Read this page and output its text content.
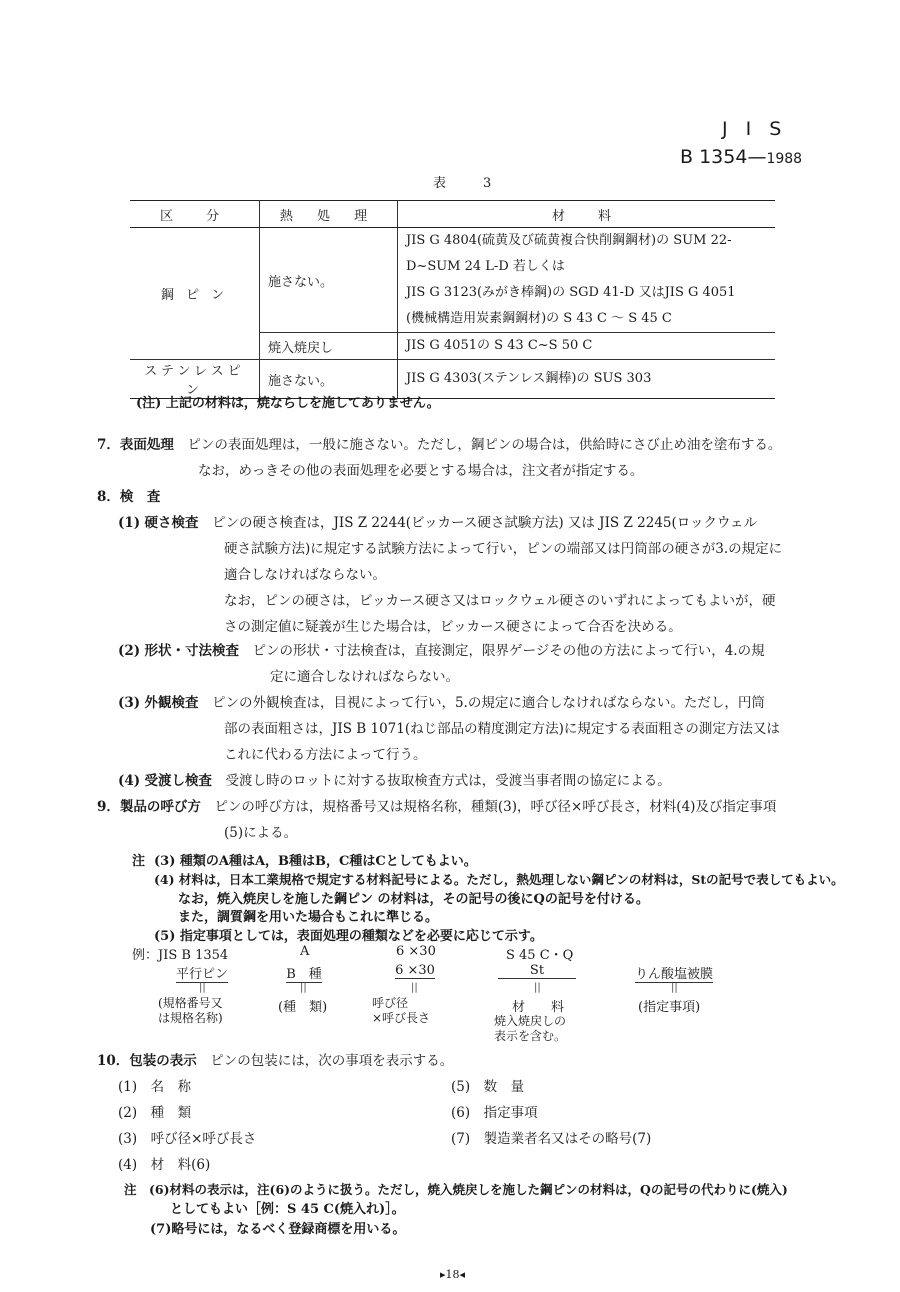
J I S
B 1354—1988
表　3
区　分	熱 処 理	材　料
鋼 ピ ン	施さない。	JIS G 4804(硫黄及び硫黄複合快削鋼鋼材)の SUM 22-
D~SUM 24 L-D 若しくは
JIS G 3123(みがき棒鋼)の SGD 41-D 又はJIS G 4051
(機械構造用炭素鋼鋼材)の S 43 C ～ S 45 C

	焼入焼戻し	JIS G 4051の S 43 C~S 50 C
ステンレスピン	施さない。	JIS G 4303(ステンレス鋼棒)の SUS 303
(注) 上記の材料は，焼ならしを施してありません。
7．表面処理　 ピンの表面処理は，一般に施さない。ただし，鋼ピンの場合は，供給時にさび止め油を塗布する。
なお，めっきその他の表面処理を必要とする場合は，注文者が指定する。
8．検　査
(1) 硬さ検査　 ピンの硬さ検査は，JIS Z 2244(ビッカース硬さ試験方法) 又は JIS Z 2245(ロックウェル
硬さ試験方法)に規定する試験方法によって行い，ピンの端部又は円筒部の硬さが3.の規定に
適合しなければならない。
なお，ピンの硬さは，ビッカース硬さ又はロックウェル硬さのいずれによってもよいが，硬
さの測定値に疑義が生じた場合は，ビッカース硬さによって合否を決める。
(2) 形状・寸法検査　 ピンの形状・寸法検査は，直接測定，限界ゲージその他の方法によって行い，4.の規
定に適合しなければならない。
(3) 外観検査　 ピンの外観検査は，目視によって行い，5.の規定に適合しなければならない。ただし，円筒
部の表面粗さは，JIS B 1071(ねじ部品の精度測定方法)に規定する表面粗さの測定方法又は
これに代わる方法によって行う。
(4) 受渡し検査　 受渡し時のロットに対する抜取検査方式は，受渡当事者間の協定による。
9．製品の呼び方　 ピンの呼び方は，規格番号又は規格名称，種類(3)，呼び径×呼び長さ，材料(4)及び指定事項
(5)による。
注 (3) 種類のA種はA，B種はB，C種はCとしてもよい。
(4) 材料は，日本工業規格で規定する材料記号による。ただし，熱処理しない鋼ピンの材料は，Stの記号で表してもよい。
なお，焼入焼戻しを施した鋼ピン の材料は，その記号の後にQの記号を付ける。
また，調質鋼を用いた場合もこれに準じる。
(5) 指定事項としては，表面処理の種類などを必要に応じて示す。
例：JIS B 1354	A	6 ×30	S 45 C・Q
平行ピン	B　種	6 ×30	St	りん酸塩被膜
||	||	||	||	||
(規格番号又
は規格名称)
(種　類)	呼び径
×呼び長さ
材　　料
焼入焼戻しの
表示を含む。
(指定事項)
10．包装の表示　 ピンの包装には，次の事項を表示する。
(1)　名　称
(2)　種　類
(3)　呼び径×呼び長さ
(4)　材　料(6)
(5)　数　量
(6)　指定事項
(7)　製造業者名又はその略号(7)
注　(6)材料の表示は，注(6)のように扱う。ただし，焼入焼戻しを施した鋼ピンの材料は，Qの記号の代わりに(焼入)
としてもよい［例：S 45 C(焼入れ)］。
(7)略号には，なるべく登録商標を用いる。
▸18◂
